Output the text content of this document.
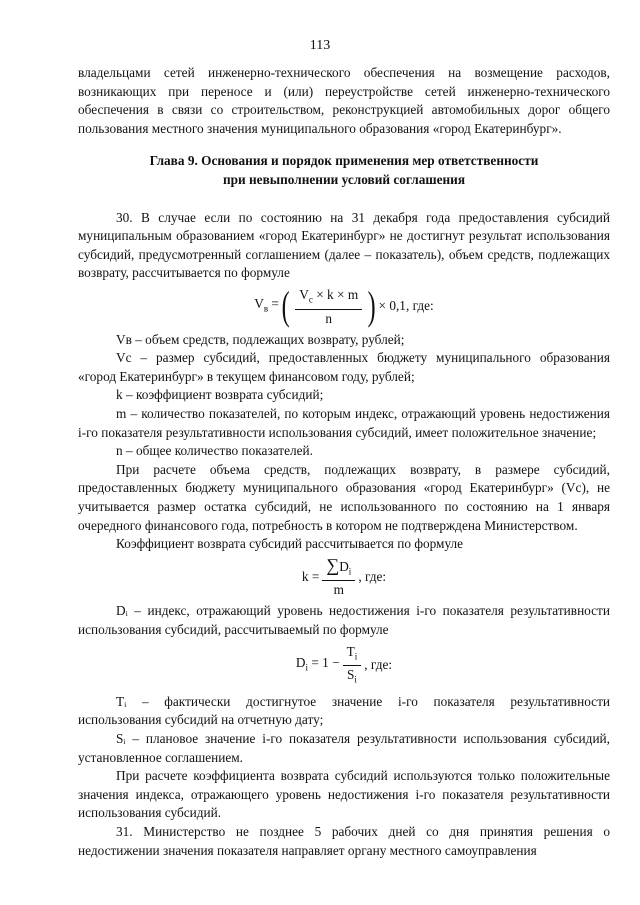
113

владельцами сетей инженерно-технического обеспечения на возмещение расходов, возникающих при переносе и (или) переустройстве сетей инженерно-технического обеспечения в связи со строительством, реконструкцией автомобильных дорог общего пользования местного значения муниципального образования «город Екатеринбург».

Глава 9. Основания и порядок применения мер ответственности
при невыполнении условий соглашения

30. В случае если по состоянию на 31 декабря года предоставления субсидий муниципальным образованием «город Екатеринбург» не достигнут результат использования субсидий, предусмотренный соглашением (далее – показатель), объем средств, подлежащих возврату, рассчитывается по формуле

$V_в$ = ( $\frac{V_с \times k \times m}{n}$ ) × 0,1, где:

Vв – объем средств, подлежащих возврату, рублей;

Vс – размер субсидий, предоставленных бюджету муниципального образования «город Екатеринбург» в текущем финансовом году, рублей;

k – коэффициент возврата субсидий;

m – количество показателей, по которым индекс, отражающий уровень недостижения i-го показателя результативности использования субсидий, имеет положительное значение;

n – общее количество показателей.

При расчете объема средств, подлежащих возврату, в размере субсидий, предоставленных бюджету муниципального образования «город Екатеринбург» (Vс), не учитывается размер остатка субсидий, не использованного по состоянию на 1 января очередного финансового года, потребность в котором не подтверждена Министерством.

Коэффициент возврата субсидий рассчитывается по формуле

$k = \frac{\sum D_i}{m}$ , где:

Dᵢ – индекс, отражающий уровень недостижения i-го показателя результативности использования субсидий, рассчитываемый по формуле

$D_i = 1 - \frac{T_i}{S_i}$ , где:

Tᵢ – фактически достигнутое значение i-го показателя результативности использования субсидий на отчетную дату;

Sᵢ – плановое значение i-го показателя результативности использования субсидий, установленное соглашением.

При расчете коэффициента возврата субсидий используются только положительные значения индекса, отражающего уровень недостижения i-го показателя результативности использования субсидий.

31. Министерство не позднее 5 рабочих дней со дня принятия решения о недостижении значения показателя направляет органу местного самоуправления
